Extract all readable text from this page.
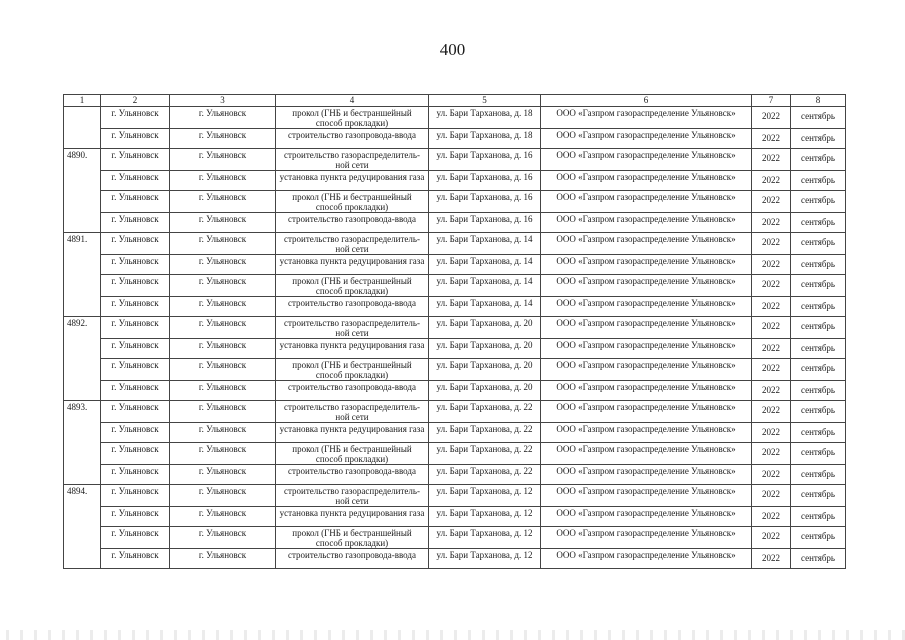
400
1	2	3	4	5	6	7	8
	г. Ульяновск	г. Ульяновск	прокол (ГНБ и бестраншейный способ прокладки)	ул. Бари Тарханова, д. 18	ООО «Газпром газораспределение Ульяновск»	2022	сентябрь
	г. Ульяновск	г. Ульяновск	строительство газопровода-ввода	ул. Бари Тарханова, д. 18	ООО «Газпром газораспределение Ульяновск»	2022	сентябрь
4890.	г. Ульяновск	г. Ульяновск	строительство газораспределитель-ной сети	ул. Бари Тарханова, д. 16	ООО «Газпром газораспределение Ульяновск»	2022	сентябрь
	г. Ульяновск	г. Ульяновск	установка пункта редуцирования газа	ул. Бари Тарханова, д. 16	ООО «Газпром газораспределение Ульяновск»	2022	сентябрь
	г. Ульяновск	г. Ульяновск	прокол (ГНБ и бестраншейный способ прокладки)	ул. Бари Тарханова, д. 16	ООО «Газпром газораспределение Ульяновск»	2022	сентябрь
	г. Ульяновск	г. Ульяновск	строительство газопровода-ввода	ул. Бари Тарханова, д. 16	ООО «Газпром газораспределение Ульяновск»	2022	сентябрь
4891.	г. Ульяновск	г. Ульяновск	строительство газораспределитель-ной сети	ул. Бари Тарханова, д. 14	ООО «Газпром газораспределение Ульяновск»	2022	сентябрь
	г. Ульяновск	г. Ульяновск	установка пункта редуцирования газа	ул. Бари Тарханова, д. 14	ООО «Газпром газораспределение Ульяновск»	2022	сентябрь
	г. Ульяновск	г. Ульяновск	прокол (ГНБ и бестраншейный способ прокладки)	ул. Бари Тарханова, д. 14	ООО «Газпром газораспределение Ульяновск»	2022	сентябрь
	г. Ульяновск	г. Ульяновск	строительство газопровода-ввода	ул. Бари Тарханова, д. 14	ООО «Газпром газораспределение Ульяновск»	2022	сентябрь
4892.	г. Ульяновск	г. Ульяновск	строительство газораспределитель-ной сети	ул. Бари Тарханова, д. 20	ООО «Газпром газораспределение Ульяновск»	2022	сентябрь
	г. Ульяновск	г. Ульяновск	установка пункта редуцирования газа	ул. Бари Тарханова, д. 20	ООО «Газпром газораспределение Ульяновск»	2022	сентябрь
	г. Ульяновск	г. Ульяновск	прокол (ГНБ и бестраншейный способ прокладки)	ул. Бари Тарханова, д. 20	ООО «Газпром газораспределение Ульяновск»	2022	сентябрь
	г. Ульяновск	г. Ульяновск	строительство газопровода-ввода	ул. Бари Тарханова, д. 20	ООО «Газпром газораспределение Ульяновск»	2022	сентябрь
4893.	г. Ульяновск	г. Ульяновск	строительство газораспределитель-ной сети	ул. Бари Тарханова, д. 22	ООО «Газпром газораспределение Ульяновск»	2022	сентябрь
	г. Ульяновск	г. Ульяновск	установка пункта редуцирования газа	ул. Бари Тарханова, д. 22	ООО «Газпром газораспределение Ульяновск»	2022	сентябрь
	г. Ульяновск	г. Ульяновск	прокол (ГНБ и бестраншейный способ прокладки)	ул. Бари Тарханова, д. 22	ООО «Газпром газораспределение Ульяновск»	2022	сентябрь
	г. Ульяновск	г. Ульяновск	строительство газопровода-ввода	ул. Бари Тарханова, д. 22	ООО «Газпром газораспределение Ульяновск»	2022	сентябрь
4894.	г. Ульяновск	г. Ульяновск	строительство газораспределитель-ной сети	ул. Бари Тарханова, д. 12	ООО «Газпром газораспределение Ульяновск»	2022	сентябрь
	г. Ульяновск	г. Ульяновск	установка пункта редуцирования газа	ул. Бари Тарханова, д. 12	ООО «Газпром газораспределение Ульяновск»	2022	сентябрь
	г. Ульяновск	г. Ульяновск	прокол (ГНБ и бестраншейный способ прокладки)	ул. Бари Тарханова, д. 12	ООО «Газпром газораспределение Ульяновск»	2022	сентябрь
	г. Ульяновск	г. Ульяновск	строительство газопровода-ввода	ул. Бари Тарханова, д. 12	ООО «Газпром газораспределение Ульяновск»	2022	сентябрь
